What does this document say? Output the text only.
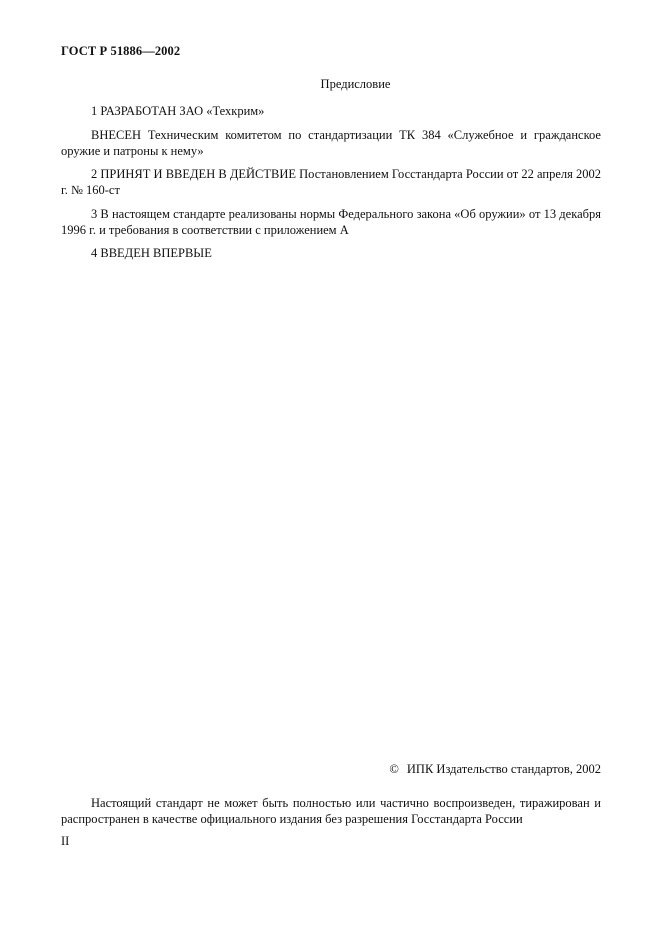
ГОСТ Р 51886—2002
Предисловие
1 РАЗРАБОТАН ЗАО «Техкрим»
ВНЕСЕН Техническим комитетом по стандартизации ТК 384 «Служебное и гражданское оружие и патроны к нему»
2 ПРИНЯТ И ВВЕДЕН В ДЕЙСТВИЕ Постановлением Госстандарта России от 22 апреля 2002 г. № 160-ст
3 В настоящем стандарте реализованы нормы Федерального закона «Об оружии» от 13 декабря 1996 г. и требования в соответствии с приложением А
4 ВВЕДЕН ВПЕРВЫЕ
© ИПК Издательство стандартов, 2002
Настоящий стандарт не может быть полностью или частично воспроизведен, тиражирован и распространен в качестве официального издания без разрешения Госстандарта России
II
